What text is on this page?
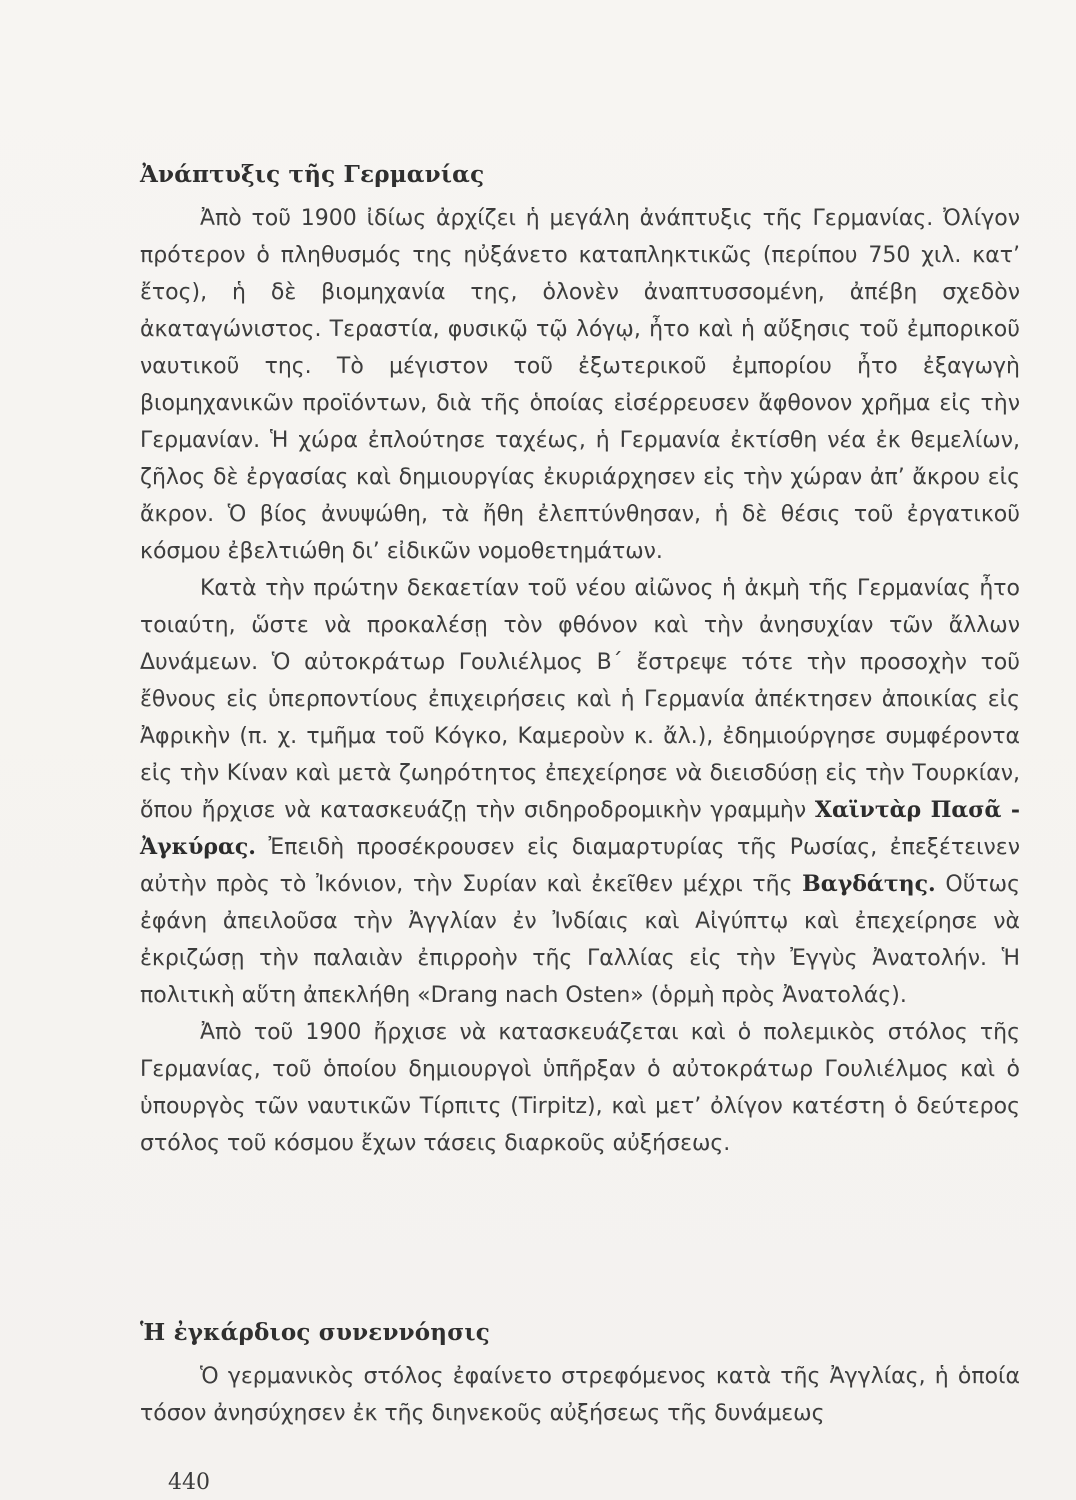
Ἀνάπτυξις τῆς Γερμανίας

Ἀπὸ τοῦ 1900 ἰδίως ἀρχίζει ἡ μεγάλη ἀνάπτυξις τῆς Γερμανίας. Ὀλίγον πρότερον ὁ πληθυσμός της ηὐξάνετο καταπληκτικῶς (περίπου 750 χιλ. κατ’ ἔτος), ἡ δὲ βιομηχανία της, ὁλονὲν ἀναπτυσσομένη, ἀπέβη σχεδὸν ἀκαταγώνιστος. Τεραστία, φυσικῷ τῷ λόγῳ, ἦτο καὶ ἡ αὔξησις τοῦ ἐμπορικοῦ ναυτικοῦ της. Τὸ μέγιστον τοῦ ἐξωτερικοῦ ἐμπορίου ἦτο ἐξαγωγὴ βιομηχανικῶν προϊόντων, διὰ τῆς ὁποίας εἰσέρρευσεν ἄφθονον χρῆμα εἰς τὴν Γερμανίαν. Ἡ χώρα ἐπλούτησε ταχέως, ἡ Γερμανία ἐκτίσθη νέα ἐκ θεμελίων, ζῆλος δὲ ἐργασίας καὶ δημιουργίας ἐκυριάρχησεν εἰς τὴν χώραν ἀπ’ ἄκρου εἰς ἄκρον. Ὁ βίος ἀνυψώθη, τὰ ἤθη ἐλεπτύνθησαν, ἡ δὲ θέσις τοῦ ἐργατικοῦ κόσμου ἐβελτιώθη δι’ εἰδικῶν νομοθετημάτων.

Κατὰ τὴν πρώτην δεκαετίαν τοῦ νέου αἰῶνος ἡ ἀκμὴ τῆς Γερμανίας ἦτο τοιαύτη, ὥστε νὰ προκαλέσῃ τὸν φθόνον καὶ τὴν ἀνησυχίαν τῶν ἄλλων Δυνάμεων. Ὁ αὐτοκράτωρ Γουλιέλμος Β΄ ἔστρεψε τότε τὴν προσοχὴν τοῦ ἔθνους εἰς ὑπερποντίους ἐπιχειρήσεις καὶ ἡ Γερμανία ἀπέκτησεν ἀποικίας εἰς Ἀφρικὴν (π. χ. τμῆμα τοῦ Κόγκο, Καμεροὺν κ. ἄλ.), ἐδημιούργησε συμφέροντα εἰς τὴν Κίναν καὶ μετὰ ζωηρότητος ἐπεχείρησε νὰ διεισδύσῃ εἰς τὴν Τουρκίαν, ὅπου ἤρχισε νὰ κατασκευάζῃ τὴν σιδηροδρομικὴν γραμμὴν Χαϊντὰρ Πασᾶ - Ἀγκύρας. Ἐπειδὴ προσέκρουσεν εἰς διαμαρτυρίας τῆς Ρωσίας, ἐπεξέτεινεν αὐτὴν πρὸς τὸ Ἰκόνιον, τὴν Συρίαν καὶ ἐκεῖθεν μέχρι τῆς Βαγδάτης. Οὕτως ἐφάνη ἀπειλοῦσα τὴν Ἀγγλίαν ἐν Ἰνδίαις καὶ Αἰγύπτῳ καὶ ἐπεχείρησε νὰ ἐκριζώσῃ τὴν παλαιὰν ἐπιρροὴν τῆς Γαλλίας εἰς τὴν Ἐγγὺς Ἀνατολήν. Ἡ πολιτικὴ αὕτη ἀπεκλήθη «Drang nach Osten» (ὁρμὴ πρὸς Ἀνατολάς).

Ἀπὸ τοῦ 1900 ἤρχισε νὰ κατασκευάζεται καὶ ὁ πολεμικὸς στόλος τῆς Γερμανίας, τοῦ ὁποίου δημιουργοὶ ὑπῆρξαν ὁ αὐτοκράτωρ Γουλιέλμος καὶ ὁ ὑπουργὸς τῶν ναυτικῶν Τίρπιτς (Tirpitz), καὶ μετ’ ὀλίγον κατέστη ὁ δεύτερος στόλος τοῦ κόσμου ἔχων τάσεις διαρκοῦς αὐξήσεως.

Ἡ ἐγκάρδιος συνεννόησις

Ὁ γερμανικὸς στόλος ἐφαίνετο στρεφόμενος κατὰ τῆς Ἀγγλίας, ἡ ὁποία τόσον ἀνησύχησεν ἐκ τῆς διηνεκοῦς αὐξήσεως τῆς δυνάμεως

440
